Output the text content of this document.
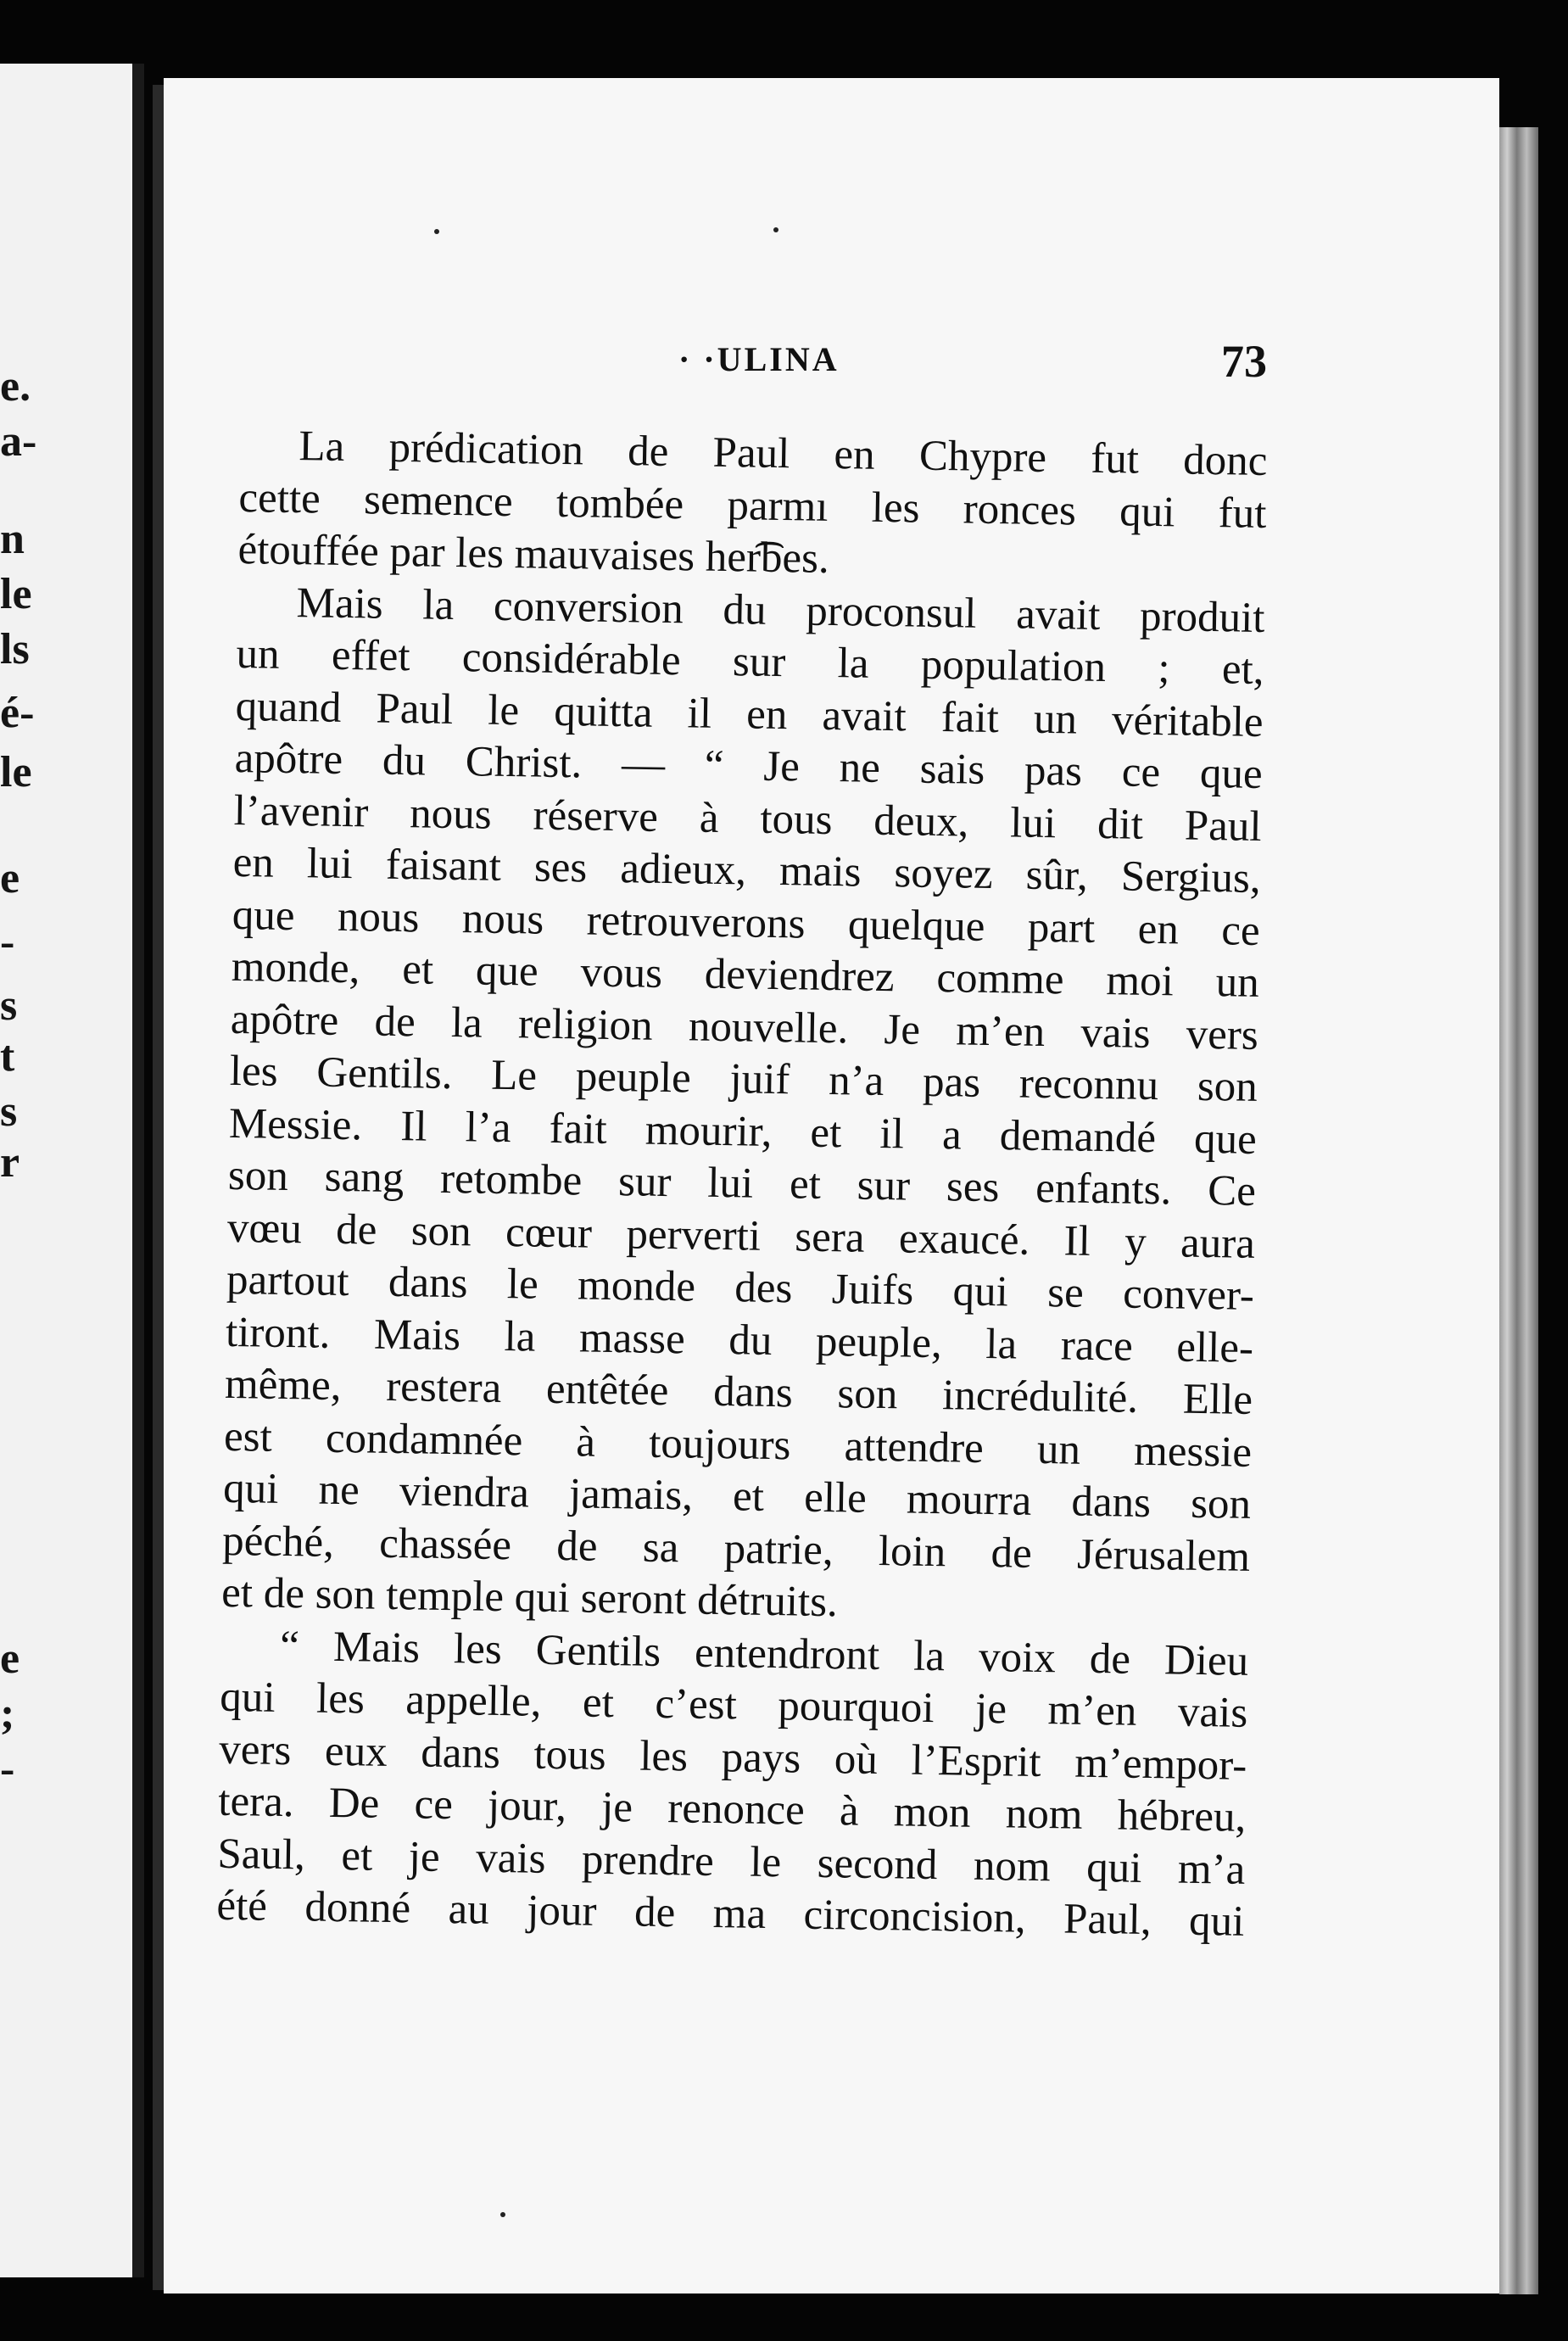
e.
a-
n
le
ls
é-
le
e
-
s
t
s
r
e
;
-
· ·ULINA	73
La prédication de Paul en Chypre fut donc
cette semence tombée parmı les ronces qui fut
étouffée par les mauvaises her͡bes.
Mais la conversion du proconsul avait produit
un effet considérable sur la population ; et,
quand Paul le quitta il en avait fait un véritable
apôtre du Christ. — “ Je ne sais pas ce que
l’avenir nous réserve à tous deux, lui dit Paul
en lui faisant ses adieux, mais soyez sûr, Sergius,
que nous nous retrouverons quelque part en ce
monde, et que vous deviendrez comme moi un
apôtre de la religion nouvelle. Je m’en vais vers
les Gentils. Le peuple juif n’a pas reconnu son
Messie. Il l’a fait mourir, et il a demandé que
son sang retombe sur lui et sur ses enfants. Ce
vœu de son cœur perverti sera exaucé. Il y aura
partout dans le monde des Juifs qui se conver-
tiront. Mais la masse du peuple, la race elle-
même, restera entêtée dans son incrédulité. Elle
est condamnée à toujours attendre un messie
qui ne viendra jamais, et elle mourra dans son
péché, chassée de sa patrie, loin de Jérusalem
et de son temple qui seront détruits.
“ Mais les Gentils entendront la voix de Dieu
qui les appelle, et c’est pourquoi je m’en vais
vers eux dans tous les pays où l’Esprit m’empor-
tera. De ce jour, je renonce à mon nom hébreu,
Saul, et je vais prendre le second nom qui m’a
été donné au jour de ma circoncision, Paul, qui
